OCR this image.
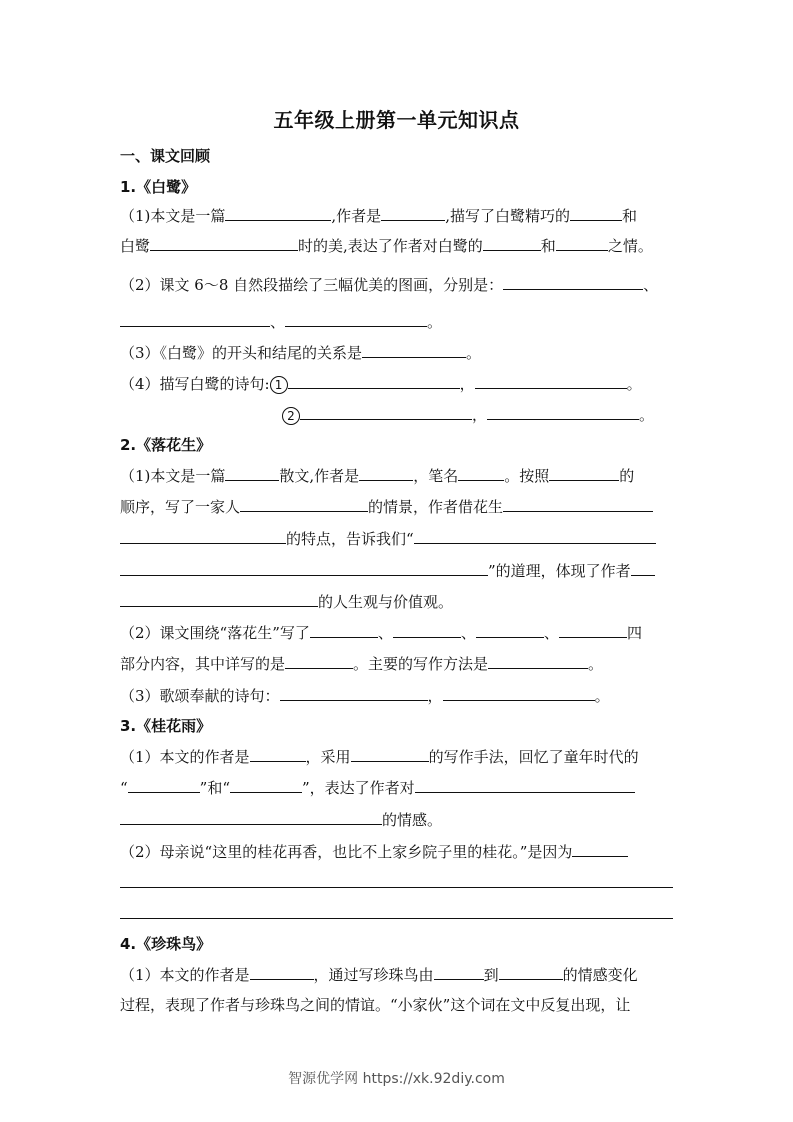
五年级上册第一单元知识点
一、课文回顾
1.《白鹭》
（1)本文是一篇	,作者是	,描写了白鹭精巧的	和
白鹭	时的美,表达了作者对白鹭的	和	之情。
（2）课文 6～8 自然段描绘了三幅优美的图画，分别是：	、
、	。
（3）《白鹭》的开头和结尾的关系是	。
（4）描写白鹭的诗句: 1	，	。
2	，	。
2.《落花生》
（1)本文是一篇	散文,作者是	，笔名	。按照	的
顺序，写了一家人	的情景，作者借花生
的特点，告诉我们“
”的道理，体现了作者
的人生观与价值观。
（2）课文围绕“落花生”写了	、	、	、	四
部分内容，其中详写的是	。主要的写作方法是	。
（3）歌颂奉献的诗句：	，	。
3.《桂花雨》
（1）本文的作者是	，采用	的写作手法，回忆了童年时代的
“	”和“	”，表达了作者对
的情感。
（2）母亲说“这里的桂花再香，也比不上家乡院子里的桂花。”是因为
4.《珍珠鸟》
（1）本文的作者是	，通过写珍珠鸟由	到	的情感变化
过程，表现了作者与珍珠鸟之间的情谊。“小家伙”这个词在文中反复出现，让
智源优学网 https://xk.92diy.com
